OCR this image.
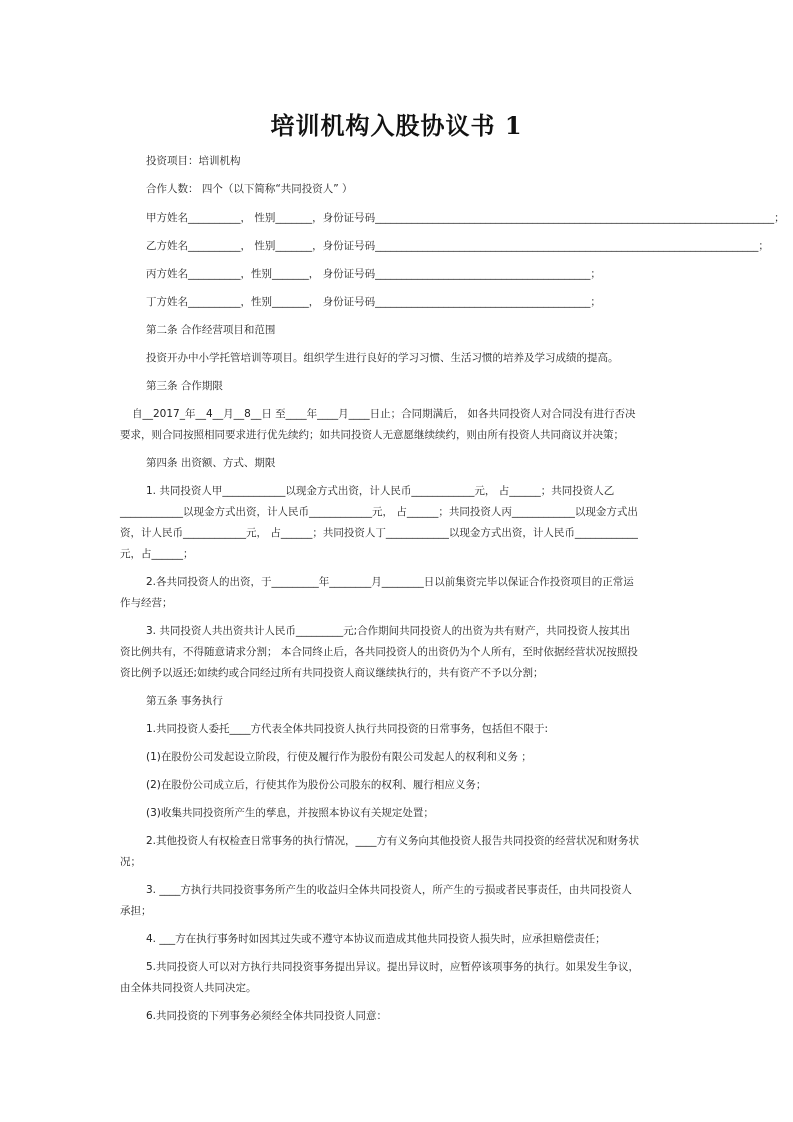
培训机构入股协议书 1
投资项目：培训机构
合作人数： 四个（以下简称“共同投资人” ）
甲方姓名__________， 性别_______，身份证号码____________________________________________________________________________；
乙方姓名__________， 性别_______，身份证号码_________________________________________________________________________；
丙方姓名__________，性别_______， 身份证号码_________________________________________；
丁方姓名__________，性别_______， 身份证号码_________________________________________；
第二条 合作经营项目和范围
投资开办中小学托管培训等项目。组织学生进行良好的学习习惯、生活习惯的培养及学习成绩的提高。
第三条 合作期限
自__2017_年__4__月__8__日 至____年____月____日止；合同期满后， 如各共同投资人对合同没有进行否决
要求，则合同按照相同要求进行优先续约；如共同投资人无意愿继续续约，则由所有投资人共同商议并决策；
第四条 出资额、方式、期限
1. 共同投资人甲____________以现金方式出资，计人民币____________元， 占______；共同投资人乙
____________以现金方式出资，计人民币____________元， 占______；共同投资人丙____________以现金方式出
资，计人民币____________元， 占______；共同投资人丁____________以现金方式出资，计人民币____________
元，占______；
2.各共同投资人的出资，于_________年________月________日以前集资完毕以保证合作投资项目的正常运
作与经营；
3. 共同投资人共出资共计人民币_________元;合作期间共同投资人的出资为共有财产，共同投资人按其出
资比例共有，不得随意请求分割； 本合同终止后，各共同投资人的出资仍为个人所有，至时依据经营状况按照投
资比例予以返还;如续约或合同经过所有共同投资人商议继续执行的，共有资产不予以分割；
第五条 事务执行
1.共同投资人委托____方代表全体共同投资人执行共同投资的日常事务，包括但不限于:
(1)在股份公司发起设立阶段，行使及履行作为股份有限公司发起人的权利和义务 ；
(2)在股份公司成立后，行使其作为股份公司股东的权利、履行相应义务；
(3)收集共同投资所产生的孳息，并按照本协议有关规定处置；
2.其他投资人有权检查日常事务的执行情况，____方有义务向其他投资人报告共同投资的经营状况和财务状
况；
3. ____方执行共同投资事务所产生的收益归全体共同投资人，所产生的亏损或者民事责任，由共同投资人
承担；
4. ___方在执行事务时如因其过失或不遵守本协议而造成其他共同投资人损失时，应承担赔偿责任；
5.共同投资人可以对方执行共同投资事务提出异议。提出异议时，应暂停该项事务的执行。如果发生争议，
由全体共同投资人共同决定。
6.共同投资的下列事务必须经全体共同投资人同意：
